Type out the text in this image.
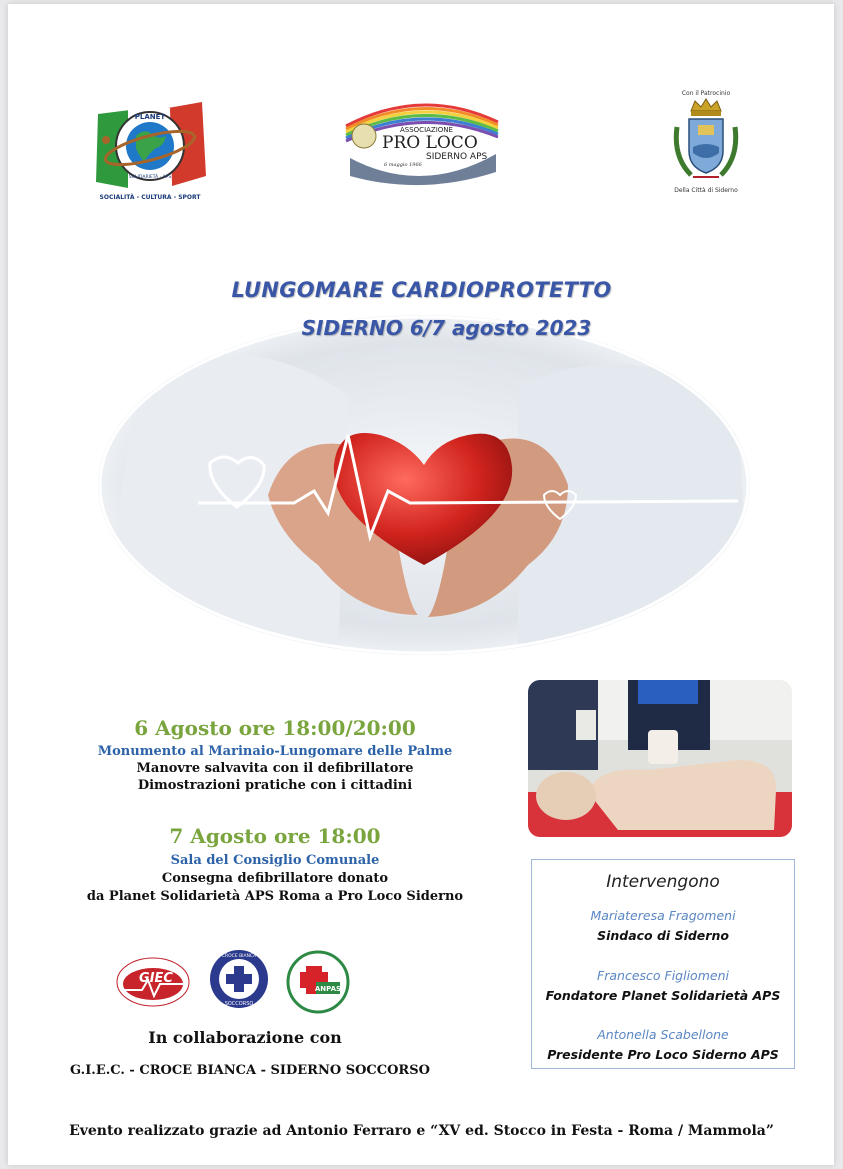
PLANET
SOLIDARIETÀ · APS
SOCIALITÀ - CULTURA - SPORT
ASSOCIAZIONE
PRO LOCO
SIDERNO APS
6 maggio 1966
Con il Patrocinio
Della Città di Siderno
LUNGOMARE CARDIOPROTETTO
SIDERNO 6/7 agosto 2023
6 Agosto ore 18:00/20:00
Monumento al Marinaio-Lungomare delle Palme
Manovre salvavita con il defibrillatore
Dimostrazioni pratiche con i cittadini
7 Agosto ore 18:00
Sala del Consiglio Comunale
Consegna defibrillatore donato
da Planet Solidarietà APS Roma a Pro Loco Siderno
Intervengono
Mariateresa Fragomeni
Sindaco di Siderno
Francesco Figliomeni
Fondatore Planet Solidarietà APS
Antonella Scabellone
Presidente Pro Loco Siderno APS
GIEC
CROCE BIANCA
SOCCORSO
ANPAS
In collaborazione con
G.I.E.C. - CROCE BIANCA - SIDERNO SOCCORSO
Evento realizzato grazie ad Antonio Ferraro e “XV ed. Stocco in Festa - Roma / Mammola”
